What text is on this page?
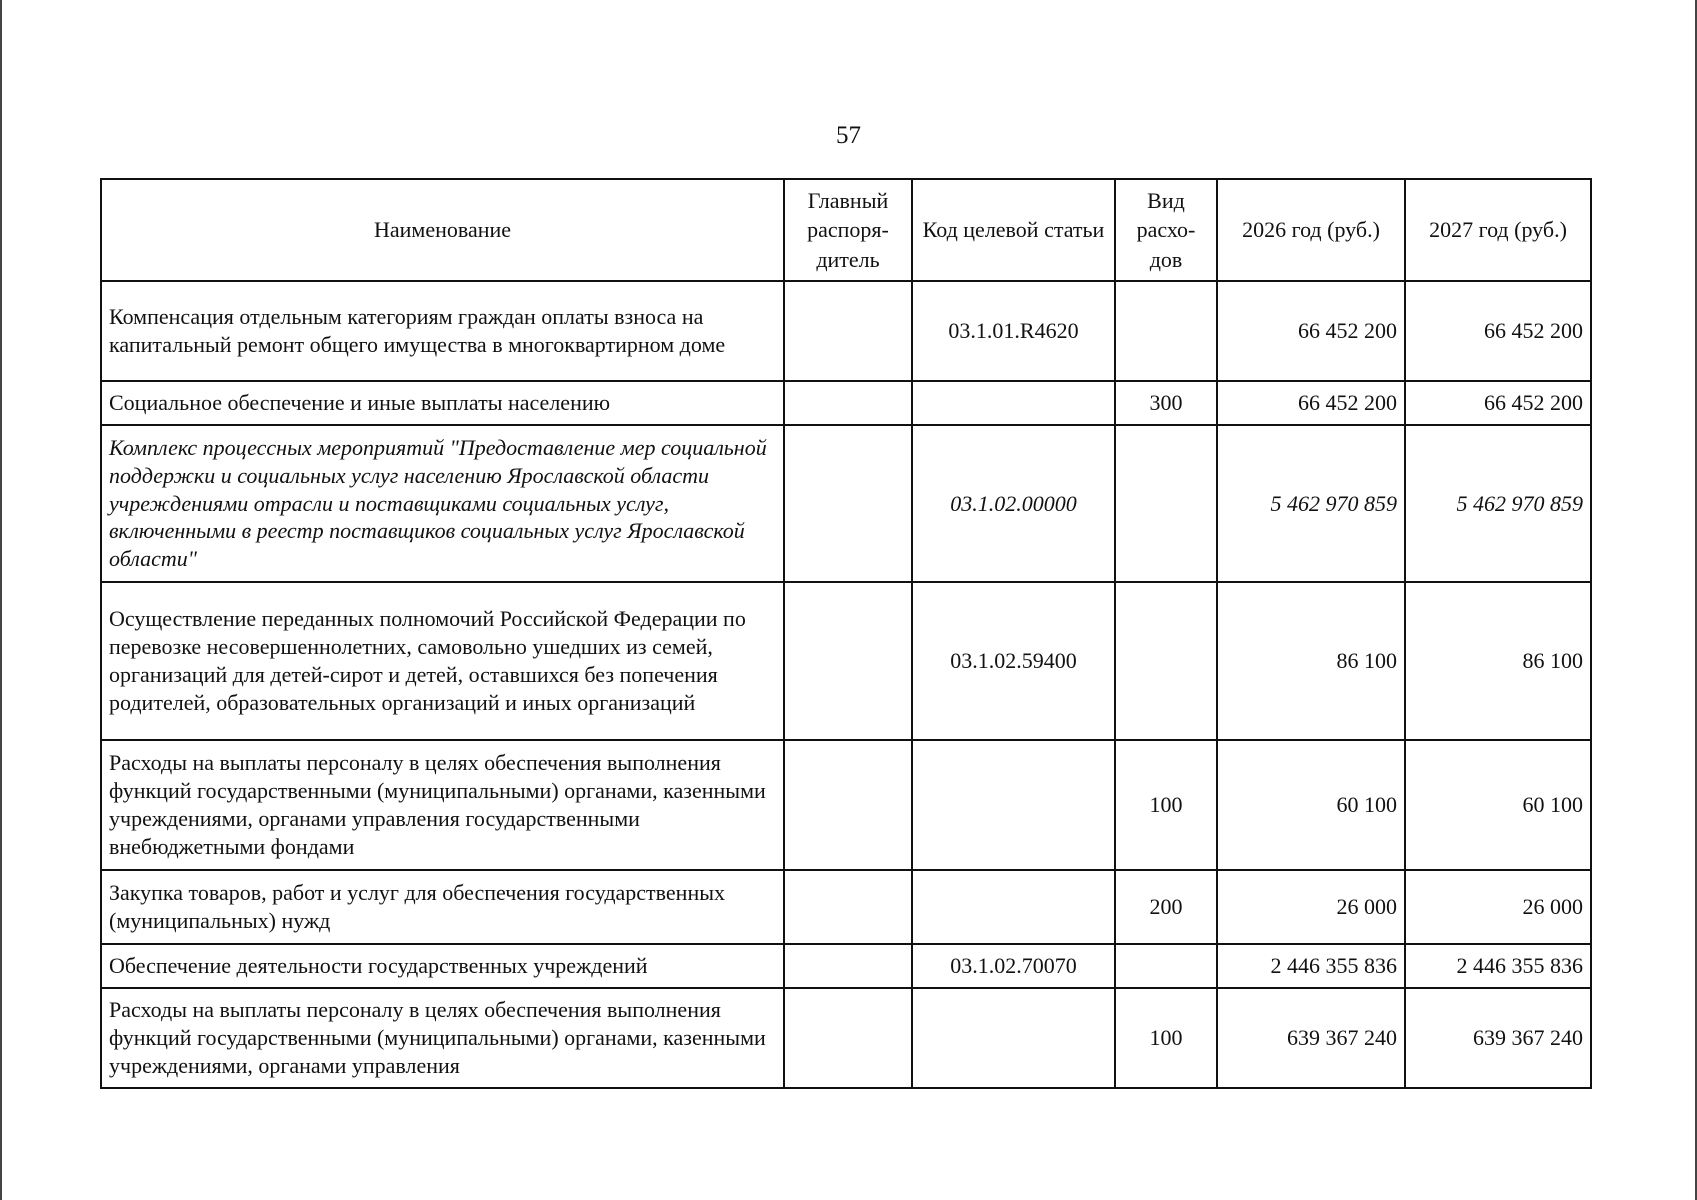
57
Наименование	Главный распоря-дитель	Код целевой статьи	Вид расхо-дов	2026 год (руб.)	2027 год (руб.)
Компенсация отдельным категориям граждан оплаты взноса на капитальный ремонт общего имущества в многоквартирном доме		03.1.01.R4620		66 452 200	66 452 200
Социальное обеспечение и иные выплаты населению			300	66 452 200	66 452 200
Комплекс процессных мероприятий "Предоставление мер социальной поддержки и социальных услуг населению Ярославской области учреждениями отрасли и поставщиками социальных услуг, включенными в реестр поставщиков социальных услуг Ярославской области"		03.1.02.00000		5 462 970 859	5 462 970 859
Осуществление переданных полномочий Российской Федерации по перевозке несовершеннолетних, самовольно ушедших из семей, организаций для детей-сирот и детей, оставшихся без попечения родителей, образовательных организаций и иных организаций		03.1.02.59400		86 100	86 100
Расходы на выплаты персоналу в целях обеспечения выполнения функций государственными (муниципальными) органами, казенными учреждениями, органами управления государственными внебюджетными фондами			100	60 100	60 100
Закупка товаров, работ и услуг для обеспечения государственных (муниципальных) нужд			200	26 000	26 000
Обеспечение деятельности государственных учреждений		03.1.02.70070		2 446 355 836	2 446 355 836
Расходы на выплаты персоналу в целях обеспечения выполнения функций государственными (муниципальными) органами, казенными учреждениями, органами управления			100	639 367 240	639 367 240
